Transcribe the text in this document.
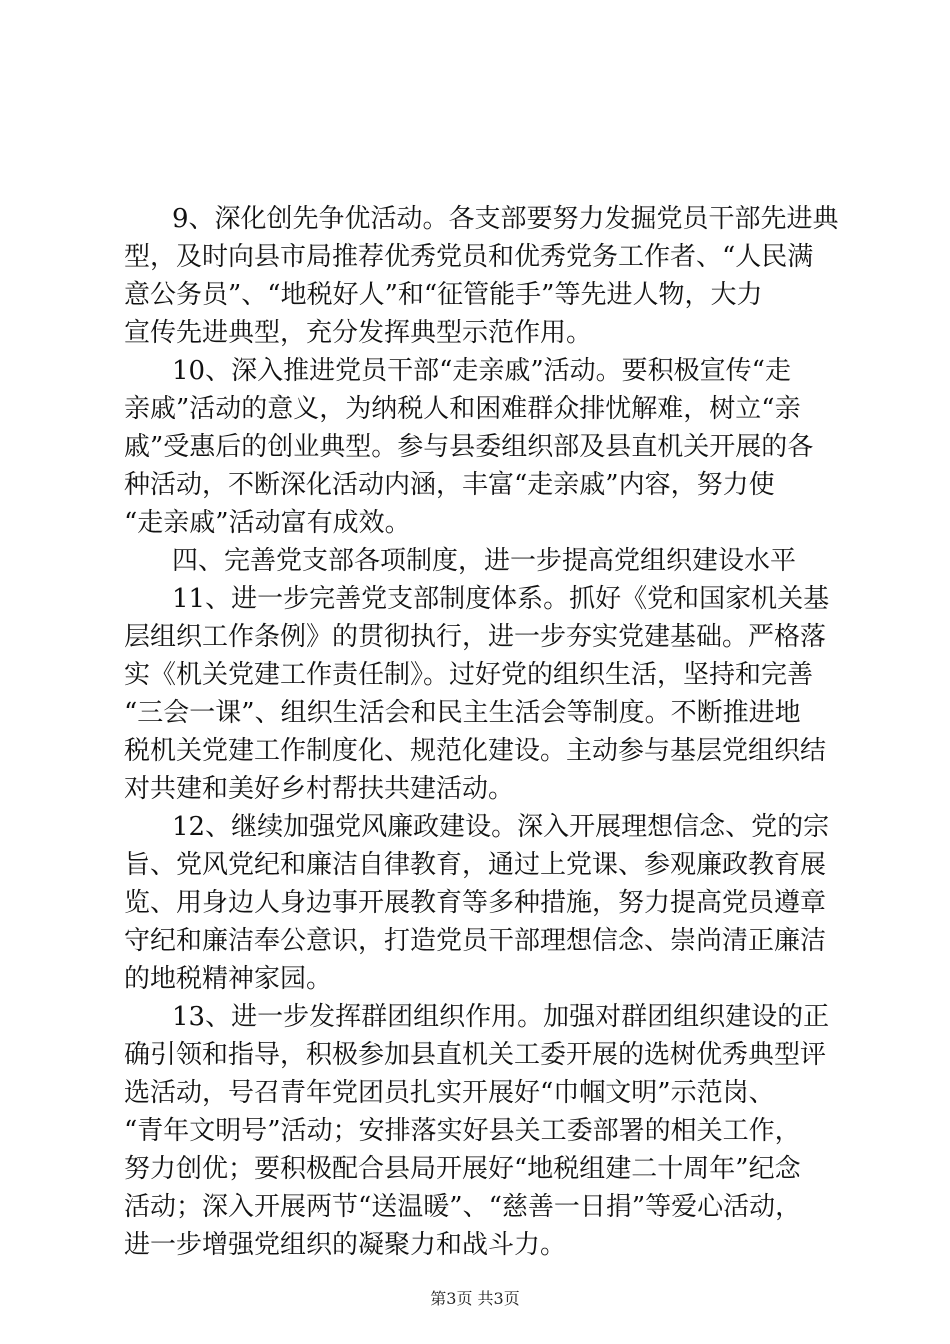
9、深化创先争优活动。各支部要努力发掘党员干部先进典
型，及时向县市局推荐优秀党员和优秀党务工作者、“人民满
意公务员”、“地税好人”和“征管能手”等先进人物，大力
宣传先进典型，充分发挥典型示范作用。
10、深入推进党员干部“走亲戚”活动。要积极宣传“走
亲戚”活动的意义，为纳税人和困难群众排忧解难，树立“亲
戚”受惠后的创业典型。参与县委组织部及县直机关开展的各
种活动，不断深化活动内涵，丰富“走亲戚”内容，努力使
“走亲戚”活动富有成效。
四、完善党支部各项制度，进一步提高党组织建设水平
11、进一步完善党支部制度体系。抓好《党和国家机关基
层组织工作条例》的贯彻执行，进一步夯实党建基础。严格落
实《机关党建工作责任制》。过好党的组织生活，坚持和完善
“三会一课”、组织生活会和民主生活会等制度。不断推进地
税机关党建工作制度化、规范化建设。主动参与基层党组织结
对共建和美好乡村帮扶共建活动。
12、继续加强党风廉政建设。深入开展理想信念、党的宗
旨、党风党纪和廉洁自律教育，通过上党课、参观廉政教育展
览、用身边人身边事开展教育等多种措施，努力提高党员遵章
守纪和廉洁奉公意识，打造党员干部理想信念、崇尚清正廉洁
的地税精神家园。
13、进一步发挥群团组织作用。加强对群团组织建设的正
确引领和指导，积极参加县直机关工委开展的选树优秀典型评
选活动，号召青年党团员扎实开展好“巾帼文明”示范岗、
“青年文明号”活动；安排落实好县关工委部署的相关工作，
努力创优；要积极配合县局开展好“地税组建二十周年”纪念
活动；深入开展两节“送温暖”、“慈善一日捐”等爱心活动，
进一步增强党组织的凝聚力和战斗力。
第3页 共3页
